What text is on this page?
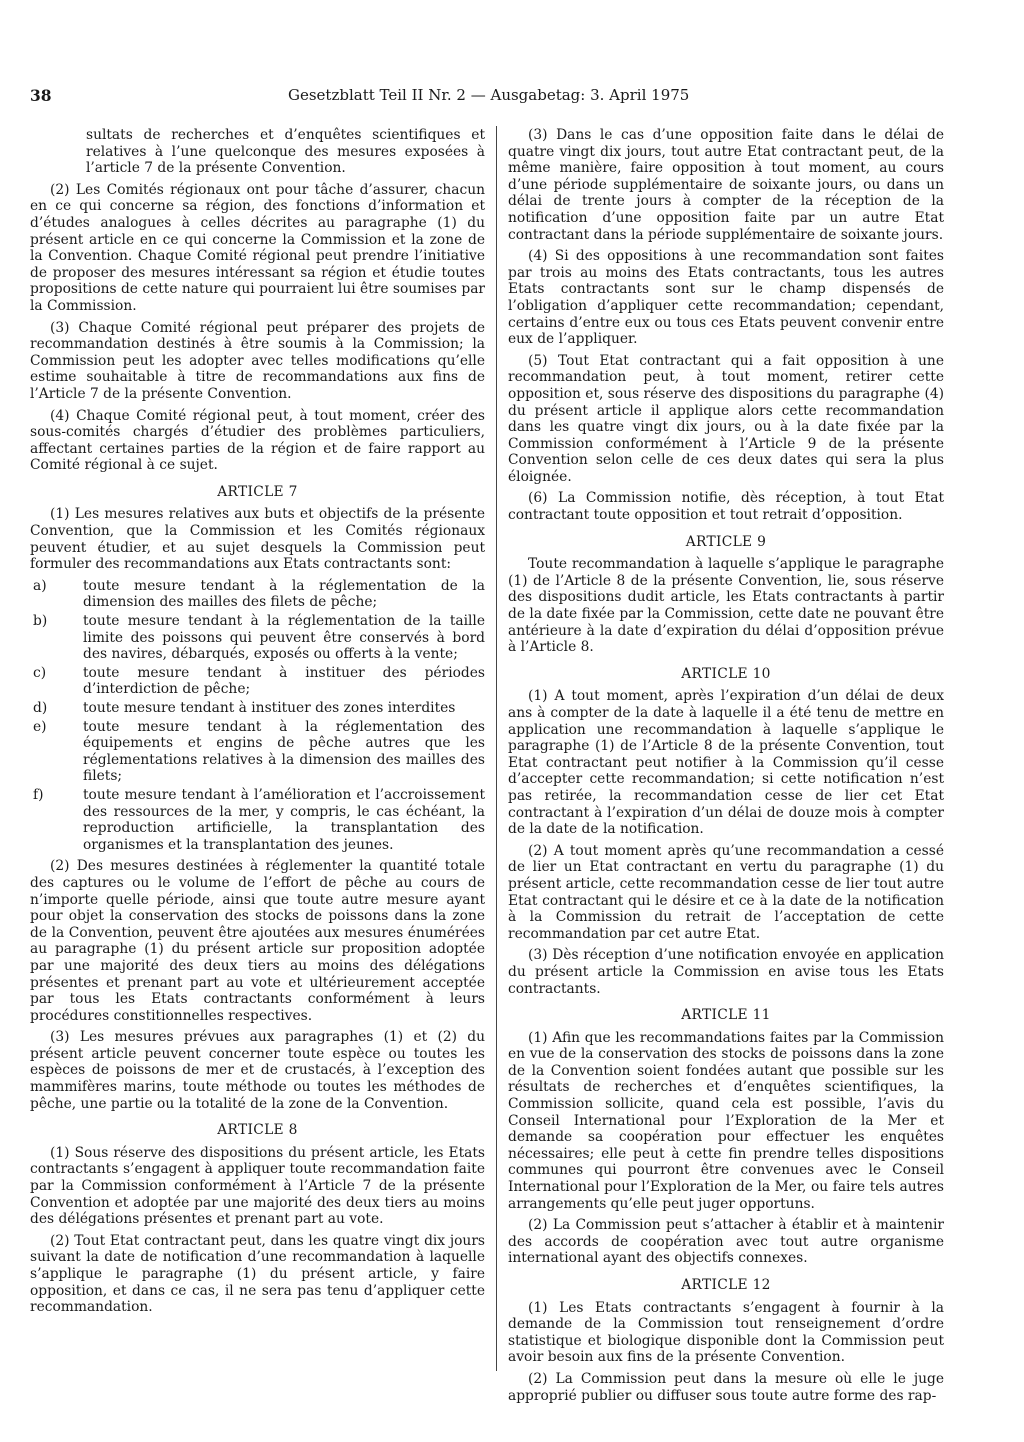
38	Gesetzblatt Teil II Nr. 2 — Ausgabetag: 3. April 1975

sultats de recherches et d’enquêtes scientifiques et relatives à l’une quelconque des mesures exposées à l’article 7 de la présente Convention.

(2) Les Comités régionaux ont pour tâche d’assurer, chacun en ce qui concerne sa région, des fonctions d’information et d’études analogues à celles décrites au paragraphe (1) du présent article en ce qui concerne la Commission et la zone de la Convention. Chaque Comité régional peut prendre l’initiative de proposer des mesures intéressant sa région et étudie toutes propositions de cette nature qui pourraient lui être soumises par la Commission.

(3) Chaque Comité régional peut préparer des projets de recommandation destinés à être soumis à la Commission; la Commission peut les adopter avec telles modifications qu’elle estime souhaitable à titre de recommandations aux fins de l’Article 7 de la présente Convention.

(4) Chaque Comité régional peut, à tout moment, créer des sous-comités chargés d’étudier des problèmes particuliers, affectant certaines parties de la région et de faire rapport au Comité régional à ce sujet.

ARTICLE 7

(1) Les mesures relatives aux buts et objectifs de la présente Convention, que la Commission et les Comités régionaux peuvent étudier, et au sujet desquels la Commission peut formuler des recommandations aux Etats contractants sont:

a)	toute mesure tendant à la réglementation de la dimension des mailles des filets de pêche;
b)	toute mesure tendant à la réglementation de la taille limite des poissons qui peuvent être conservés à bord des navires, débarqués, exposés ou offerts à la vente;
c)	toute mesure tendant à instituer des périodes d’interdiction de pêche;
d)	toute mesure tendant à instituer des zones interdites
e)	toute mesure tendant à la réglementation des équipements et engins de pêche autres que les réglementations relatives à la dimension des mailles des filets;
f)	toute mesure tendant à l’amélioration et l’accroissement des ressources de la mer, y compris, le cas échéant, la reproduction artificielle, la transplantation des organismes et la transplantation des jeunes.

(2) Des mesures destinées à réglementer la quantité totale des captures ou le volume de l’effort de pêche au cours de n’importe quelle période, ainsi que toute autre mesure ayant pour objet la conservation des stocks de poissons dans la zone de la Convention, peuvent être ajoutées aux mesures énumérées au paragraphe (1) du présent article sur proposition adoptée par une majorité des deux tiers au moins des délégations présentes et prenant part au vote et ultérieurement acceptée par tous les Etats contractants conformément à leurs procédures constitionnelles respectives.

(3) Les mesures prévues aux paragraphes (1) et (2) du présent article peuvent concerner toute espèce ou toutes les espèces de poissons de mer et de crustacés, à l’exception des mammifères marins, toute méthode ou toutes les méthodes de pêche, une partie ou la totalité de la zone de la Convention.

ARTICLE 8

(1) Sous réserve des dispositions du présent article, les Etats contractants s’engagent à appliquer toute recommandation faite par la Commission conformément à l’Article 7 de la présente Convention et adoptée par une majorité des deux tiers au moins des délégations présentes et prenant part au vote.

(2) Tout Etat contractant peut, dans les quatre vingt dix jours suivant la date de notification d’une recommandation à laquelle s’applique le paragraphe (1) du présent article, y faire opposition, et dans ce cas, il ne sera pas tenu d’appliquer cette recommandation.

(3) Dans le cas d’une opposition faite dans le délai de quatre vingt dix jours, tout autre Etat contractant peut, de la même manière, faire opposition à tout moment, au cours d’une période supplémentaire de soixante jours, ou dans un délai de trente jours à compter de la réception de la notification d’une opposition faite par un autre Etat contractant dans la période supplémentaire de soixante jours.

(4) Si des oppositions à une recommandation sont faites par trois au moins des Etats contractants, tous les autres Etats contractants sont sur le champ dispensés de l’obligation d’appliquer cette recommandation; cependant, certains d’entre eux ou tous ces Etats peuvent convenir entre eux de l’appliquer.

(5) Tout Etat contractant qui a fait opposition à une recommandation peut, à tout moment, retirer cette opposition et, sous réserve des dispositions du paragraphe (4) du présent article il applique alors cette recommandation dans les quatre vingt dix jours, ou à la date fixée par la Commission conformément à l’Article 9 de la présente Convention selon celle de ces deux dates qui sera la plus éloignée.

(6) La Commission notifie, dès réception, à tout Etat contractant toute opposition et tout retrait d’opposition.

ARTICLE 9

Toute recommandation à laquelle s’applique le paragraphe (1) de l’Article 8 de la présente Convention, lie, sous réserve des dispositions dudit article, les Etats contractants à partir de la date fixée par la Commission, cette date ne pouvant être antérieure à la date d’expiration du délai d’opposition prévue à l’Article 8.

ARTICLE 10

(1) A tout moment, après l’expiration d’un délai de deux ans à compter de la date à laquelle il a été tenu de mettre en application une recommandation à laquelle s’applique le paragraphe (1) de l’Article 8 de la présente Convention, tout Etat contractant peut notifier à la Commission qu’il cesse d’accepter cette recommandation; si cette notification n’est pas retirée, la recommandation cesse de lier cet Etat contractant à l’expiration d’un délai de douze mois à compter de la date de la notification.

(2) A tout moment après qu’une recommandation a cessé de lier un Etat contractant en vertu du paragraphe (1) du présent article, cette recommandation cesse de lier tout autre Etat contractant qui le désire et ce à la date de la notification à la Commission du retrait de l’acceptation de cette recommandation par cet autre Etat.

(3) Dès réception d’une notification envoyée en application du présent article la Commission en avise tous les Etats contractants.

ARTICLE 11

(1) Afin que les recommandations faites par la Commission en vue de la conservation des stocks de poissons dans la zone de la Convention soient fondées autant que possible sur les résultats de recherches et d’enquêtes scientifiques, la Commission sollicite, quand cela est possible, l’avis du Conseil International pour l’Exploration de la Mer et demande sa coopération pour effectuer les enquêtes nécessaires; elle peut à cette fin prendre telles dispositions communes qui pourront être convenues avec le Conseil International pour l’Exploration de la Mer, ou faire tels autres arrangements qu’elle peut juger opportuns.

(2) La Commission peut s’attacher à établir et à maintenir des accords de coopération avec tout autre organisme international ayant des objectifs connexes.

ARTICLE 12

(1) Les Etats contractants s’engagent à fournir à la demande de la Commission tout renseignement d’ordre statistique et biologique disponible dont la Commission peut avoir besoin aux fins de la présente Convention.

(2) La Commission peut dans la mesure où elle le juge approprié publier ou diffuser sous toute autre forme des rap-
